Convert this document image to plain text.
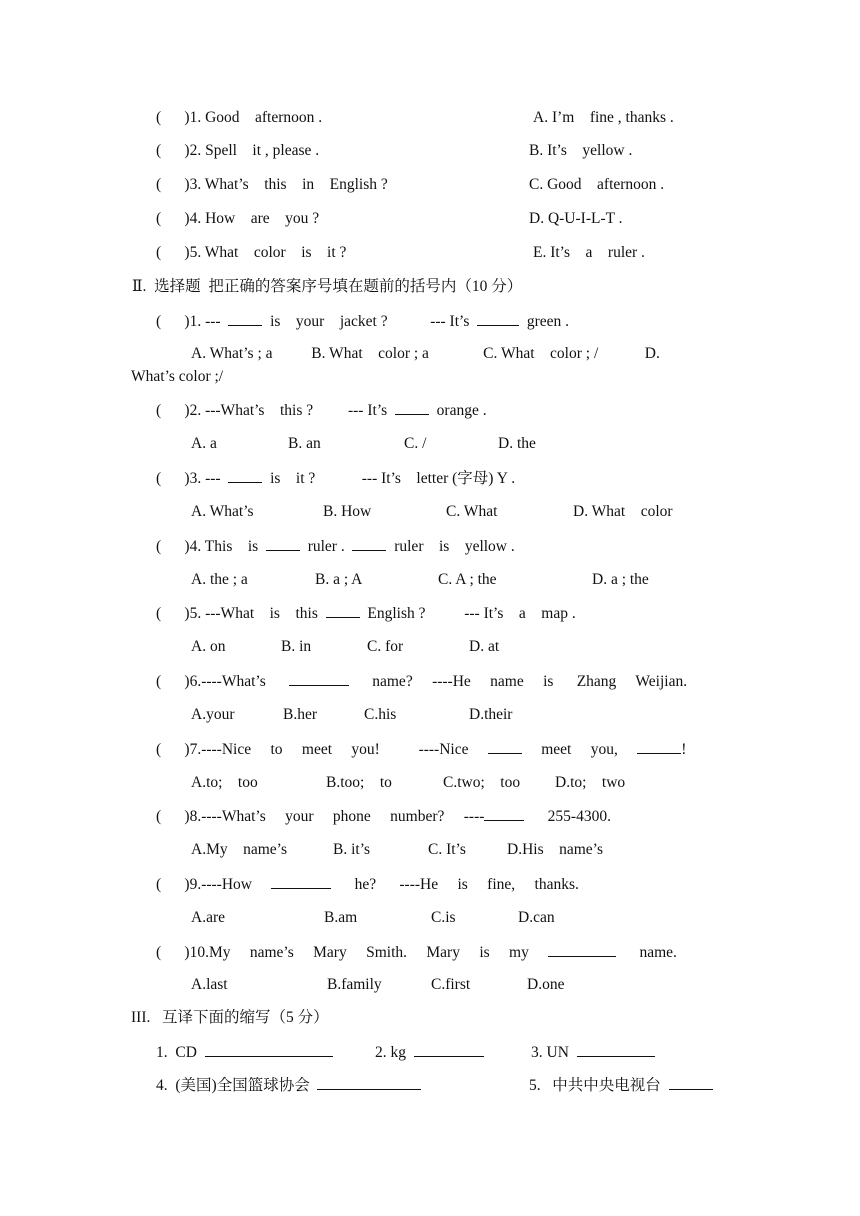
(      )1. Good    afternoon .	A. I’m    fine , thanks .
(      )2. Spell    it , please .	B. It’s    yellow .
(      )3. What’s    this    in    English ?	C. Good    afternoon .
(      )4. How    are    you ?	D. Q-U-I-L-T .
(      )5. What    color    is    it ?	E. It’s    a    ruler .
Ⅱ.  选择题  把正确的答案序号填在题前的括号内（10 分）
(      )1. ---    is    your    jacket ?           --- It’s	green .
A. What’s ; a          B. What    color ; a              C. What    color ; /            D.
What’s color ;/
(      )2. ---What’s    this ?         --- It’s    orange .
A. a	B. an	C. /	D. the
(      )3. ---    is    it ?            --- It’s    letter (字母) Y .
A. What’s	B. How	C. What	D. What    color
(      )4. This    is    ruler .    ruler    is    yellow .
A. the ; a	B. a ; A	C. A ; the	D. a ; the
(      )5. ---What    is    this    English ?          --- It’s    a    map .
A. on	B. in	C. for	D. at
(      )6.----What’s	name?     ----He     name     is      Zhang     Weijian.
A.your	B.her	C.his	D.their
(      )7.----Nice     to     meet     you!          ----Nice          meet     you,	!
A.to;    too	B.too;    to	C.two;    too D.to;    two
(      )8.----What’s     your     phone     number?     ----	255-4300.
A.My    name’s	B. it’s	C. It’s	D.His    name’s
(      )9.----How	he?      ----He     is     fine,     thanks.
A.are	B.am	C.is	D.can
(      )10.My     name’s     Mary     Smith.     Mary     is     my	name.
A.last	B.family	C.first	D.one
III.   互译下面的缩写（5 分）
1.  CD	2. kg	3. UN
4.  (美国)全国篮球协会	5.   中共中央电视台
